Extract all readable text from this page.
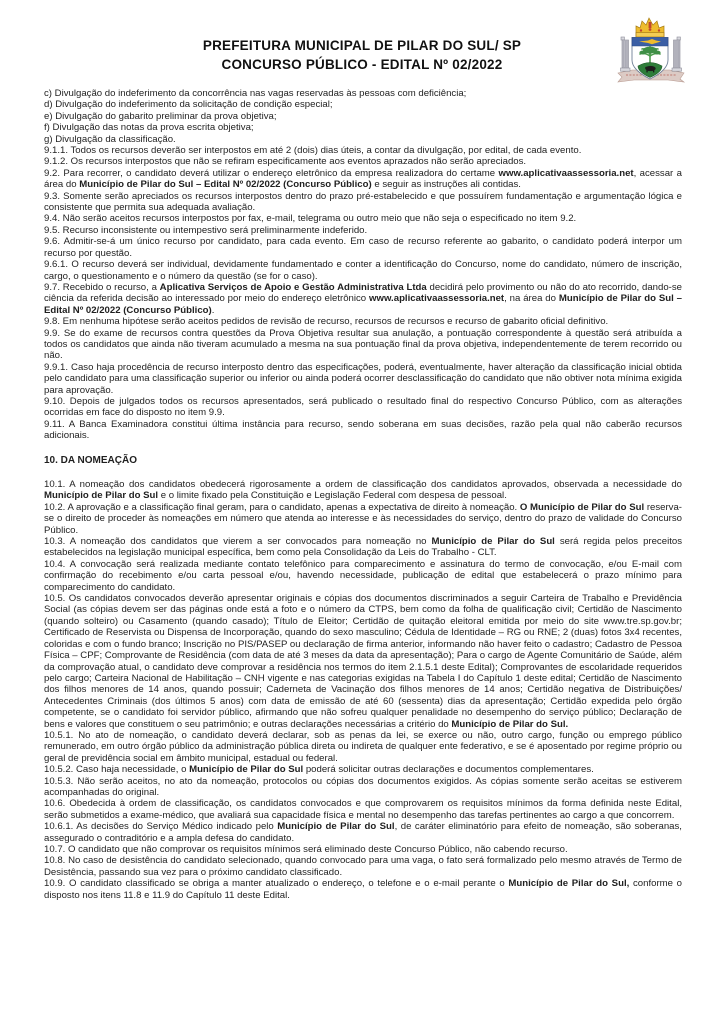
PREFEITURA MUNICIPAL DE PILAR DO SUL/ SP
CONCURSO PÚBLICO - EDITAL Nº 02/2022

c) Divulgação do indeferimento da concorrência nas vagas reservadas às pessoas com deficiência;

d) Divulgação do indeferimento da solicitação de condição especial;

e) Divulgação do gabarito preliminar da prova objetiva;

f) Divulgação das notas da prova escrita objetiva;

g) Divulgação da classificação.

9.1.1. Todos os recursos deverão ser interpostos em até 2 (dois) dias úteis, a contar da divulgação, por edital, de cada evento.

9.1.2. Os recursos interpostos que não se refiram especificamente aos eventos aprazados não serão apreciados.

9.2. Para recorrer, o candidato deverá utilizar o endereço eletrônico da empresa realizadora do certame www.aplicativaassessoria.net, acessar a área do Município de Pilar do Sul – Edital Nº 02/2022 (Concurso Público) e seguir as instruções ali contidas.

9.3. Somente serão apreciados os recursos interpostos dentro do prazo pré-estabelecido e que possuírem fundamentação e argumentação lógica e consistente que permita sua adequada avaliação.

9.4. Não serão aceitos recursos interpostos por fax, e-mail, telegrama ou outro meio que não seja o especificado no item 9.2.

9.5. Recurso inconsistente ou intempestivo será preliminarmente indeferido.

9.6. Admitir-se-á um único recurso por candidato, para cada evento. Em caso de recurso referente ao gabarito, o candidato poderá interpor um recurso por questão.

9.6.1. O recurso deverá ser individual, devidamente fundamentado e conter a identificação do Concurso, nome do candidato, número de inscrição, cargo, o questionamento e o número da questão (se for o caso).

9.7. Recebido o recurso, a Aplicativa Serviços de Apoio e Gestão Administrativa Ltda decidirá pelo provimento ou não do ato recorrido, dando-se ciência da referida decisão ao interessado por meio do endereço eletrônico www.aplicativaassessoria.net, na área do Município de Pilar do Sul – Edital Nº 02/2022 (Concurso Público).

9.8. Em nenhuma hipótese serão aceitos pedidos de revisão de recurso, recursos de recursos e recurso de gabarito oficial definitivo.

9.9. Se do exame de recursos contra questões da Prova Objetiva resultar sua anulação, a pontuação correspondente à questão será atribuída a todos os candidatos que ainda não tiveram acumulado a mesma na sua pontuação final da prova objetiva, independentemente de terem recorrido ou não.

9.9.1. Caso haja procedência de recurso interposto dentro das especificações, poderá, eventualmente, haver alteração da classificação inicial obtida pelo candidato para uma classificação superior ou inferior ou ainda poderá ocorrer desclassificação do candidato que não obtiver nota mínima exigida para aprovação.

9.10. Depois de julgados todos os recursos apresentados, será publicado o resultado final do respectivo Concurso Público, com as alterações ocorridas em face do disposto no item 9.9.

9.11. A Banca Examinadora constitui última instância para recurso, sendo soberana em suas decisões, razão pela qual não caberão recursos adicionais.

10. DA NOMEAÇÃO

10.1. A nomeação dos candidatos obedecerá rigorosamente a ordem de classificação dos candidatos aprovados, observada a necessidade do Município de Pilar do Sul e o limite fixado pela Constituição e Legislação Federal com despesa de pessoal.

10.2. A aprovação e a classificação final geram, para o candidato, apenas a expectativa de direito à nomeação. O Município de Pilar do Sul reserva-se o direito de proceder às nomeações em número que atenda ao interesse e às necessidades do serviço, dentro do prazo de validade do Concurso Público.

10.3. A nomeação dos candidatos que vierem a ser convocados para nomeação no Município de Pilar do Sul será regida pelos preceitos estabelecidos na legislação municipal específica, bem como pela Consolidação da Leis do Trabalho - CLT.

10.4. A convocação será realizada mediante contato telefônico para comparecimento e assinatura do termo de convocação, e/ou E-mail com confirmação do recebimento e/ou carta pessoal e/ou, havendo necessidade, publicação de edital que estabelecerá o prazo mínimo para comparecimento do candidato.

10.5. Os candidatos convocados deverão apresentar originais e cópias dos documentos discriminados a seguir Carteira de Trabalho e Previdência Social (as cópias devem ser das páginas onde está a foto e o número da CTPS, bem como da folha de qualificação civil; Certidão de Nascimento (quando solteiro) ou Casamento (quando casado); Título de Eleitor; Certidão de quitação eleitoral emitida por meio do site www.tre.sp.gov.br; Certificado de Reservista ou Dispensa de Incorporação, quando do sexo masculino; Cédula de Identidade – RG ou RNE; 2 (duas) fotos 3x4 recentes, coloridas e com o fundo branco; Inscrição no PIS/PASEP ou declaração de firma anterior, informando não haver feito o cadastro; Cadastro de Pessoa Física – CPF; Comprovante de Residência (com data de até 3 meses da data da apresentação); Para o cargo de Agente Comunitário de Saúde, além da comprovação atual, o candidato deve comprovar a residência nos termos do item 2.1.5.1 deste Edital); Comprovantes de escolaridade requeridos pelo cargo; Carteira Nacional de Habilitação – CNH vigente e nas categorias exigidas na Tabela I do Capítulo 1 deste edital; Certidão de Nascimento dos filhos menores de 14 anos, quando possuir; Caderneta de Vacinação dos filhos menores de 14 anos; Certidão negativa de Distribuições/ Antecedentes Criminais (dos últimos 5 anos) com data de emissão de até 60 (sessenta) dias da apresentação; Certidão expedida pelo órgão competente, se o candidato foi servidor público, afirmando que não sofreu qualquer penalidade no desempenho do serviço público; Declaração de bens e valores que constituem o seu patrimônio; e outras declarações necessárias a critério do Município de Pilar do Sul.

10.5.1. No ato de nomeação, o candidato deverá declarar, sob as penas da lei, se exerce ou não, outro cargo, função ou emprego público remunerado, em outro órgão público da administração pública direta ou indireta de qualquer ente federativo, e se é aposentado por regime próprio ou geral de previdência social em âmbito municipal, estadual ou federal.

10.5.2. Caso haja necessidade, o Município de Pilar do Sul poderá solicitar outras declarações e documentos complementares.

10.5.3. Não serão aceitos, no ato da nomeação, protocolos ou cópias dos documentos exigidos. As cópias somente serão aceitas se estiverem acompanhadas do original.

10.6. Obedecida à ordem de classificação, os candidatos convocados e que comprovarem os requisitos mínimos da forma definida neste Edital, serão submetidos a exame-médico, que avaliará sua capacidade física e mental no desempenho das tarefas pertinentes ao cargo a que concorrem.

10.6.1. As decisões do Serviço Médico indicado pelo Município de Pilar do Sul, de caráter eliminatório para efeito de nomeação, são soberanas, assegurado o contraditório e a ampla defesa do candidato.

10.7. O candidato que não comprovar os requisitos mínimos será eliminado deste Concurso Público, não cabendo recurso.

10.8. No caso de desistência do candidato selecionado, quando convocado para uma vaga, o fato será formalizado pelo mesmo através de Termo de Desistência, passando sua vez para o próximo candidato classificado.

10.9. O candidato classificado se obriga a manter atualizado o endereço, o telefone e o e-mail perante o Município de Pilar do Sul, conforme o disposto nos itens 11.8 e 11.9 do Capítulo 11 deste Edital.
